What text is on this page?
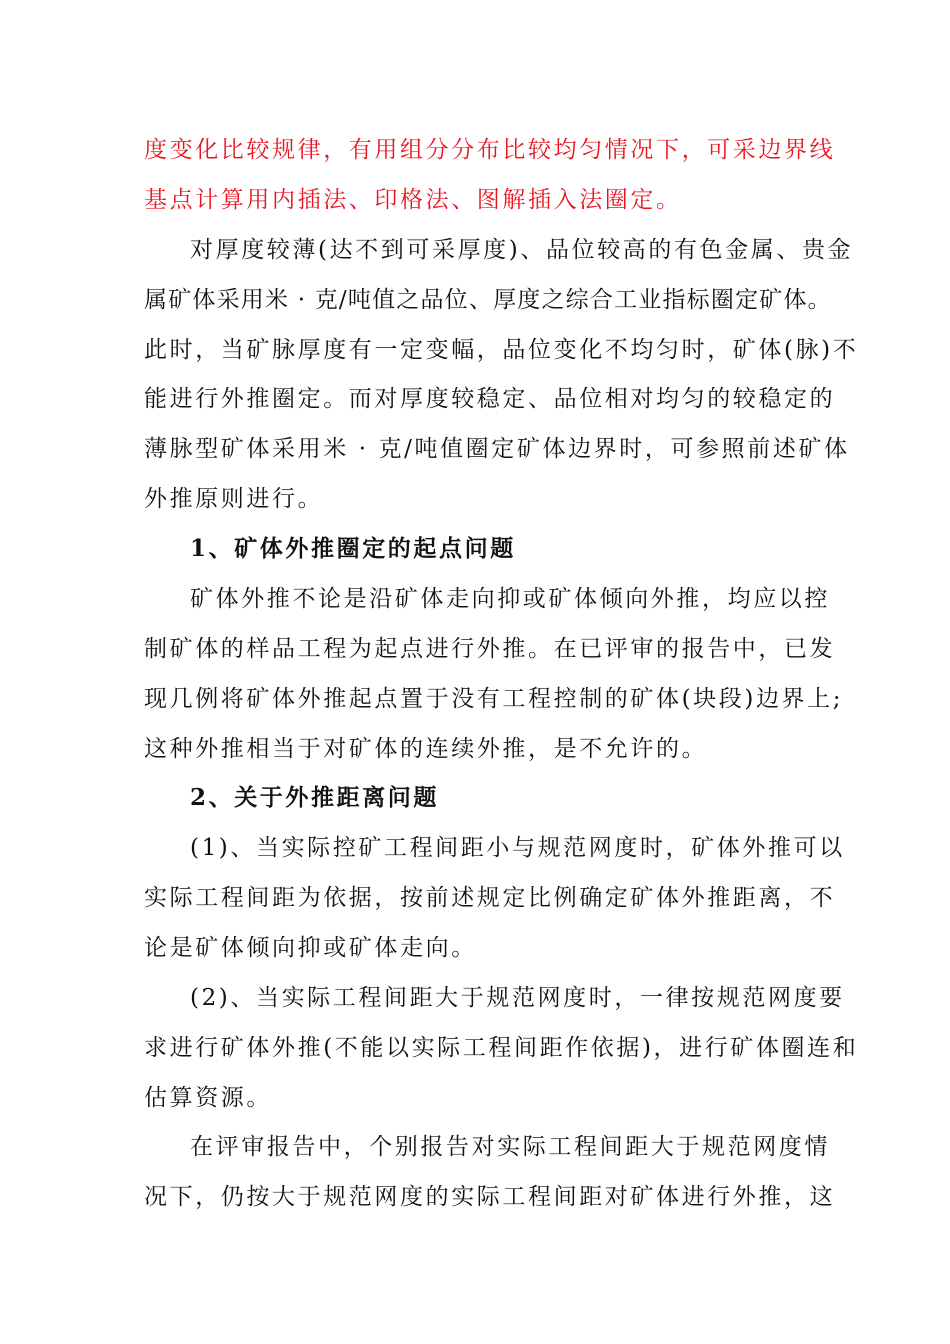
度变化比较规律，有用组分分布比较均匀情况下，可采边界线
基点计算用内插法、印格法、图解插入法圈定。
对厚度较薄(达不到可采厚度)、品位较高的有色金属、贵金
属矿体采用米 · 克/吨值之品位、厚度之综合工业指标圈定矿体。
此时，当矿脉厚度有一定变幅，品位变化不均匀时，矿体(脉)不
能进行外推圈定。而对厚度较稳定、品位相对均匀的较稳定的
薄脉型矿体采用米 · 克/吨值圈定矿体边界时，可参照前述矿体
外推原则进行。
1、矿体外推圈定的起点问题
矿体外推不论是沿矿体走向抑或矿体倾向外推，均应以控
制矿体的样品工程为起点进行外推。在已评审的报告中，已发
现几例将矿体外推起点置于没有工程控制的矿体(块段)边界上;
这种外推相当于对矿体的连续外推，是不允许的。
2、关于外推距离问题
(1)、当实际控矿工程间距小与规范网度时，矿体外推可以
实际工程间距为依据，按前述规定比例确定矿体外推距离，不
论是矿体倾向抑或矿体走向。
(2)、当实际工程间距大于规范网度时，一律按规范网度要
求进行矿体外推(不能以实际工程间距作依据)，进行矿体圈连和
估算资源。
在评审报告中，个别报告对实际工程间距大于规范网度情
况下，仍按大于规范网度的实际工程间距对矿体进行外推，这
